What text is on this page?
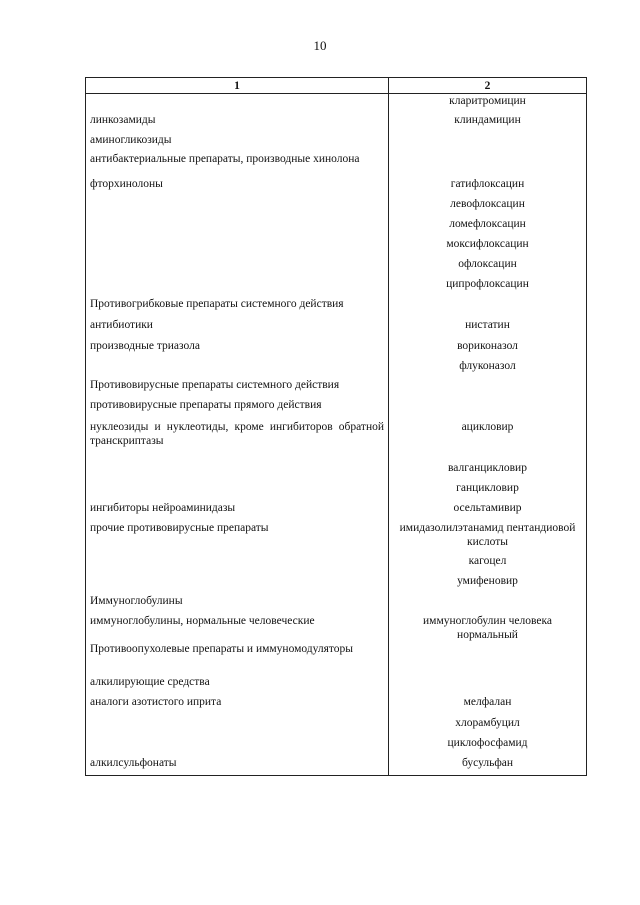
10
1	2
	кларитромицин
линкозамиды	клиндамицин
аминогликозиды	
антибактериальные препараты, производные хинолона	
фторхинолоны	гатифлоксацин
	левофлоксацин
	ломефлоксацин
	моксифлоксацин
	офлоксацин
	ципрофлоксацин
Противогрибковые препараты системного действия	
антибиотики	нистатин
производные триазола	вориконазол
	флуконазол
Противовирусные препараты системного действия	
противовирусные препараты прямого действия	
нуклеозиды и нуклеотиды, кроме ингибиторов обратной транскриптазы	ацикловир
	валганцикловир
	ганцикловир
ингибиторы нейроаминидазы	осельтамивир
прочие противовирусные препараты	имидазолилэтанамид пентандиовой кислоты
	кагоцел
	умифеновир
Иммуноглобулины	
иммуноглобулины, нормальные человеческие	иммуноглобулин человека нормальный
Противоопухолевые препараты и иммуномодуляторы	
алкилирующие средства	
аналоги азотистого иприта	мелфалан
	хлорамбуцил
	циклофосфамид
алкилсульфонаты	бусульфан
